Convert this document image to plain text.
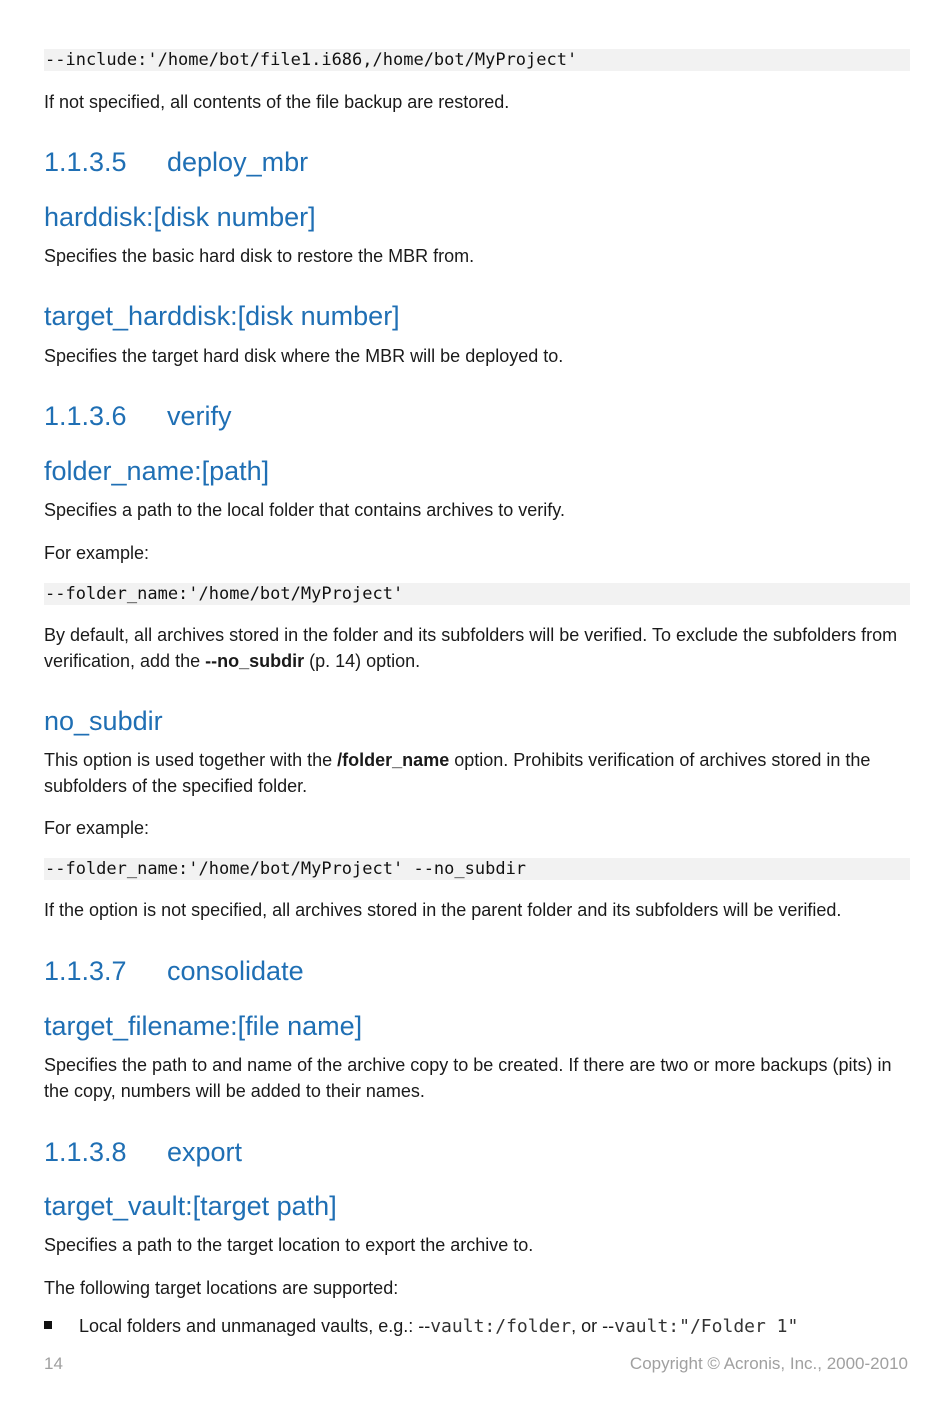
--include:'/home/bot/file1.i686,/home/bot/MyProject'
If not specified, all contents of the file backup are restored.
1.1.3.5 deploy_mbr
harddisk:[disk number]
Specifies the basic hard disk to restore the MBR from.
target_harddisk:[disk number]
Specifies the target hard disk where the MBR will be deployed to.
1.1.3.6 verify
folder_name:[path]
Specifies a path to the local folder that contains archives to verify.
For example:
--folder_name:'/home/bot/MyProject'
By default, all archives stored in the folder and its subfolders will be verified. To exclude the subfolders from verification, add the --no_subdir (p. 14) option.
no_subdir
This option is used together with the /folder_name option. Prohibits verification of archives stored in the subfolders of the specified folder.
For example:
--folder_name:'/home/bot/MyProject' --no_subdir
If the option is not specified, all archives stored in the parent folder and its subfolders will be verified.
1.1.3.7 consolidate
target_filename:[file name]
Specifies the path to and name of the archive copy to be created. If there are two or more backups (pits) in the copy, numbers will be added to their names.
1.1.3.8 export
target_vault:[target path]
Specifies a path to the target location to export the archive to.
The following target locations are supported:
Local folders and unmanaged vaults, e.g.: --vault:/folder, or --vault:"/Folder 1"
14	Copyright © Acronis, Inc., 2000-2010
